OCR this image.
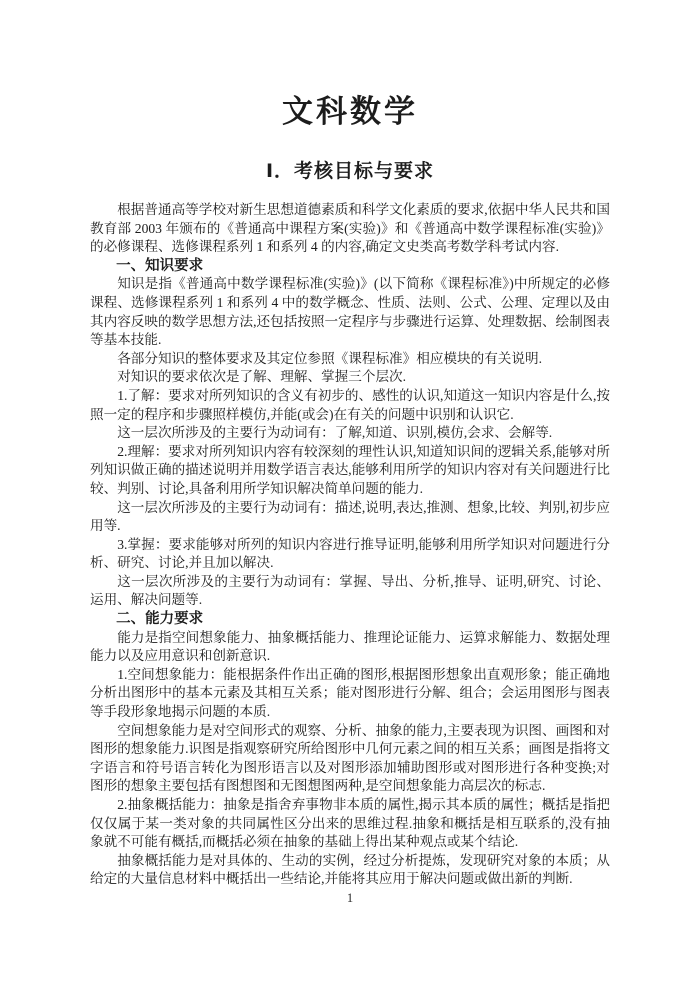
文科数学
Ⅰ．考核目标与要求

根据普通高等学校对新生思想道德素质和科学文化素质的要求,依据中华人民共和国教育部 2003 年颁布的《普通高中课程方案(实验)》和《普通高中数学课程标准(实验)》的必修课程、选修课程系列 1 和系列 4 的内容,确定文史类高考数学科考试内容.

一、知识要求

知识是指《普通高中数学课程标准(实验)》(以下简称《课程标准》)中所规定的必修课程、选修课程系列 1 和系列 4 中的数学概念、性质、法则、公式、公理、定理以及由其内容反映的数学思想方法,还包括按照一定程序与步骤进行运算、处理数据、绘制图表等基本技能.

各部分知识的整体要求及其定位参照《课程标准》相应模块的有关说明.

对知识的要求依次是了解、理解、掌握三个层次.

1.了解：要求对所列知识的含义有初步的、感性的认识,知道这一知识内容是什么,按照一定的程序和步骤照样模仿,并能(或会)在有关的问题中识别和认识它.

这一层次所涉及的主要行为动词有：了解,知道、识别,模仿,会求、会解等.

2.理解：要求对所列知识内容有较深刻的理性认识,知道知识间的逻辑关系,能够对所列知识做正确的描述说明并用数学语言表达,能够利用所学的知识内容对有关问题进行比较、判别、讨论,具备利用所学知识解决简单问题的能力.

这一层次所涉及的主要行为动词有：描述,说明,表达,推测、想象,比较、判别,初步应用等.

3.掌握：要求能够对所列的知识内容进行推导证明,能够利用所学知识对问题进行分析、研究、讨论,并且加以解决.

这一层次所涉及的主要行为动词有：掌握、导出、分析,推导、证明,研究、讨论、运用、解决问题等.

二、能力要求

能力是指空间想象能力、抽象概括能力、推理论证能力、运算求解能力、数据处理能力以及应用意识和创新意识.

1.空间想象能力：能根据条件作出正确的图形,根据图形想象出直观形象；能正确地分析出图形中的基本元素及其相互关系；能对图形进行分解、组合；会运用图形与图表等手段形象地揭示问题的本质.

空间想象能力是对空间形式的观察、分析、抽象的能力,主要表现为识图、画图和对图形的想象能力.识图是指观察研究所给图形中几何元素之间的相互关系；画图是指将文字语言和符号语言转化为图形语言以及对图形添加辅助图形或对图形进行各种变换;对图形的想象主要包括有图想图和无图想图两种,是空间想象能力高层次的标志.

2.抽象概括能力：抽象是指舍弃事物非本质的属性,揭示其本质的属性；概括是指把仅仅属于某一类对象的共同属性区分出来的思维过程.抽象和概括是相互联系的,没有抽象就不可能有概括,而概括必须在抽象的基础上得出某种观点或某个结论.

抽象概括能力是对具体的、生动的实例，经过分析提炼，发现研究对象的本质；从给定的大量信息材料中概括出一些结论,并能将其应用于解决问题或做出新的判断.

1
